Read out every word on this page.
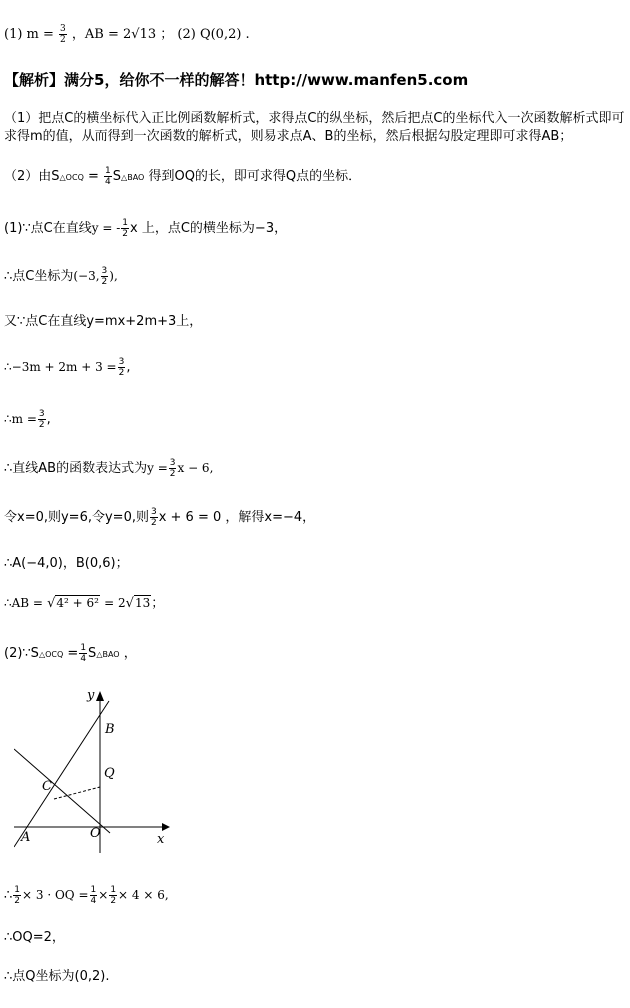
(1) $m = \frac{3}{2}$ ，AB = 2√13 ； (2) Q(0,2) .
【解析】满分5，给你不一样的解答！http://www.manfen5.com
（1）把点C的横坐标代入正比例函数解析式，求得点C的纵坐标，然后把点C的坐标代入一次函数解析式即可求得m的值，从而得到一次函数的解析式，则易求点A、B的坐标，然后根据勾股定理即可求得AB；
（2）由S△OCQ = $\frac{1}{4}$ S△BAO 得到OQ的长，即可求得Q点的坐标．
(1)∵点C在直线y = - $\frac{1}{2}$ x 上，点C的横坐标为−3，
∴点C坐标为(−3, $\frac{3}{2}$ ),
又∵点C在直线y=mx+2m+3上，
∴−3m + $2m + 3 = \frac{3}{2}$ ,
∴m = $\frac{3}{2}$ ,
∴直线AB的函数表达式为$y = \frac{3}{2}$ x − 6,
令x=0,则y=6,令y=0,则 $\frac{3}{2}$ x + 6 = 0 ，解得x=−4，
∴A(−4,0)，B(0,6)；
∴AB = √4² + 6² = 2√13；
(2)∵S△OCQ = $\frac{1}{4}$ S△BAO ，
y
x
B
Q
C
A	O
∴ $\frac{1}{2} \times 3$ · OQ = $\frac{1}{4} \times \frac{1}{2} \times 4 \times 6$,
∴OQ=2，
∴点Q坐标为(0,2).
